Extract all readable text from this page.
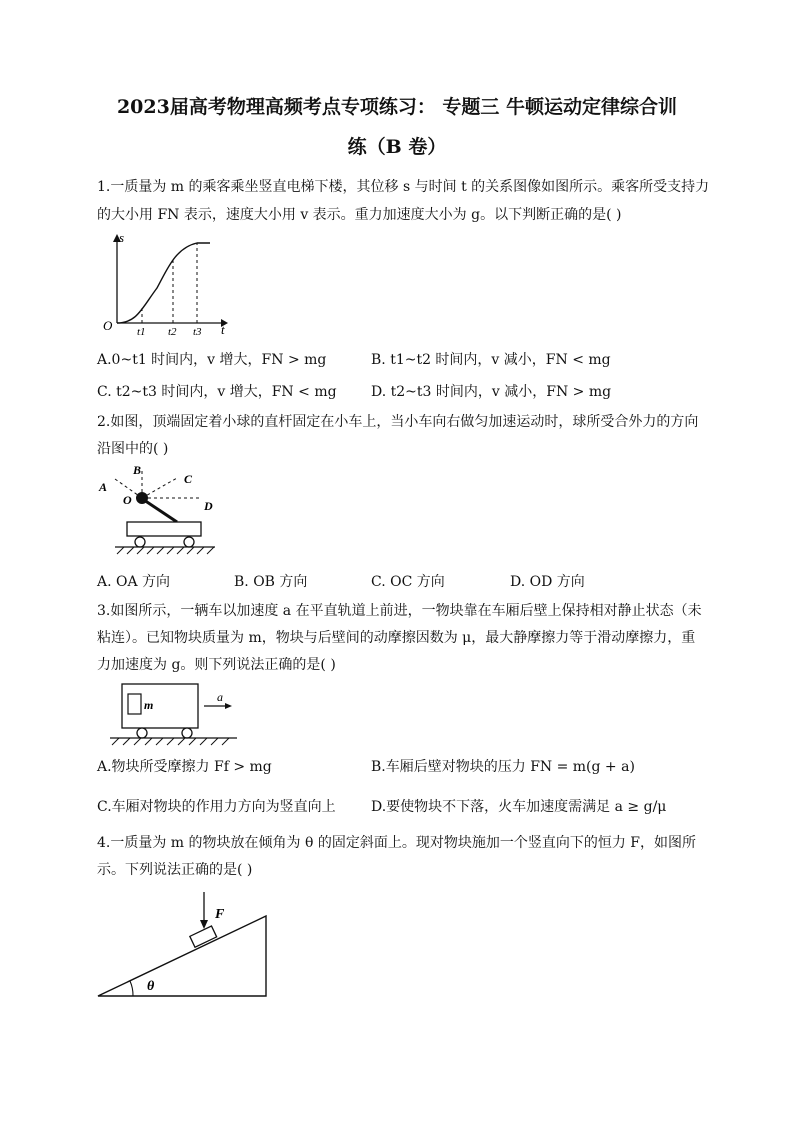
2023届高考物理高频考点专项练习： 专题三 牛顿运动定律综合训
练（B 卷）
1.一质量为 m 的乘客乘坐竖直电梯下楼，其位移 s 与时间 t 的关系图像如图所示。乘客所受支持力
的大小用 FN 表示，速度大小用 v 表示。重力加速度大小为 g。以下判断正确的是( )
s
t
O t1 t2 t3
A.0~t1 时间内，v 增大，FN > mg	B. t1~t2 时间内，v 减小，FN < mg
C. t2~t3 时间内，v 增大，FN < mg D. t2~t3 时间内，v 减小，FN > mg
2.如图，顶端固定着小球的直杆固定在小车上，当小车向右做匀加速运动时，球所受合外力的方向
沿图中的( )
A
B
C
D
O
A. OA 方向	B. OB 方向	C. OC 方向	D. OD 方向
3.如图所示，一辆车以加速度 a 在平直轨道上前进，一物块靠在车厢后壁上保持相对静止状态（未
粘连）。已知物块质量为 m，物块与后壁间的动摩擦因数为 μ，最大静摩擦力等于滑动摩擦力，重
力加速度为 g。则下列说法正确的是( )
m
a
A.物块所受摩擦力 Ff > mg	B.车厢后壁对物块的压力 FN = m(g + a)
C.车厢对物块的作用力方向为竖直向上	D.要使物块不下落，火车加速度需满足 a ≥ g/μ
4.一质量为 m 的物块放在倾角为 θ 的固定斜面上。现对物块施加一个竖直向下的恒力 F，如图所
示。下列说法正确的是( )
F
θ
